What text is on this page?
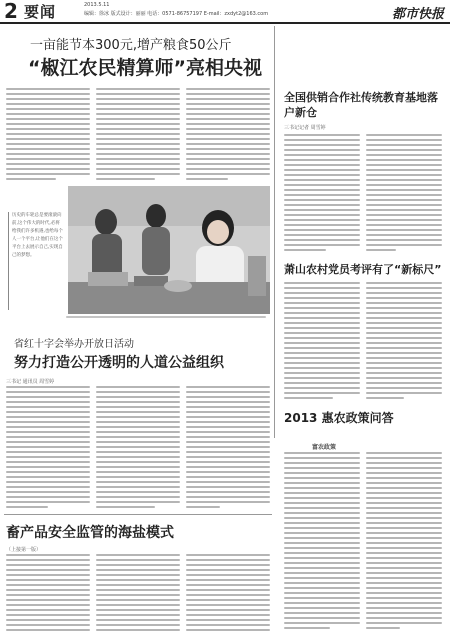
2 要闻	2013.5.11
编辑：徐冰 版式设计：丽丽 电话：0571-86757197 E-mail：zxdyt2@163.com	都市快报
一亩能节本300元,增产粮食50公斤
“椒江农民精算师”亮相央视

历史的车轮总是要滚滚向前,这个伟大的时代,必将给我们许多机遇,也给每个人一个平台,让他们在这个平台上去展示自己,实现自己的梦想。

全国供销合作社传统教育基地落户新仓
三书记记者 周雪婷
萧山农村党员考评有了“新标尺”
2013 惠农政策问答
富农政策
省红十字会举办开放日活动
努力打造公开透明的人道公益组织
三书记 通讯员 周雪婷
畜产品安全监管的海盐模式
（上接第一版）
